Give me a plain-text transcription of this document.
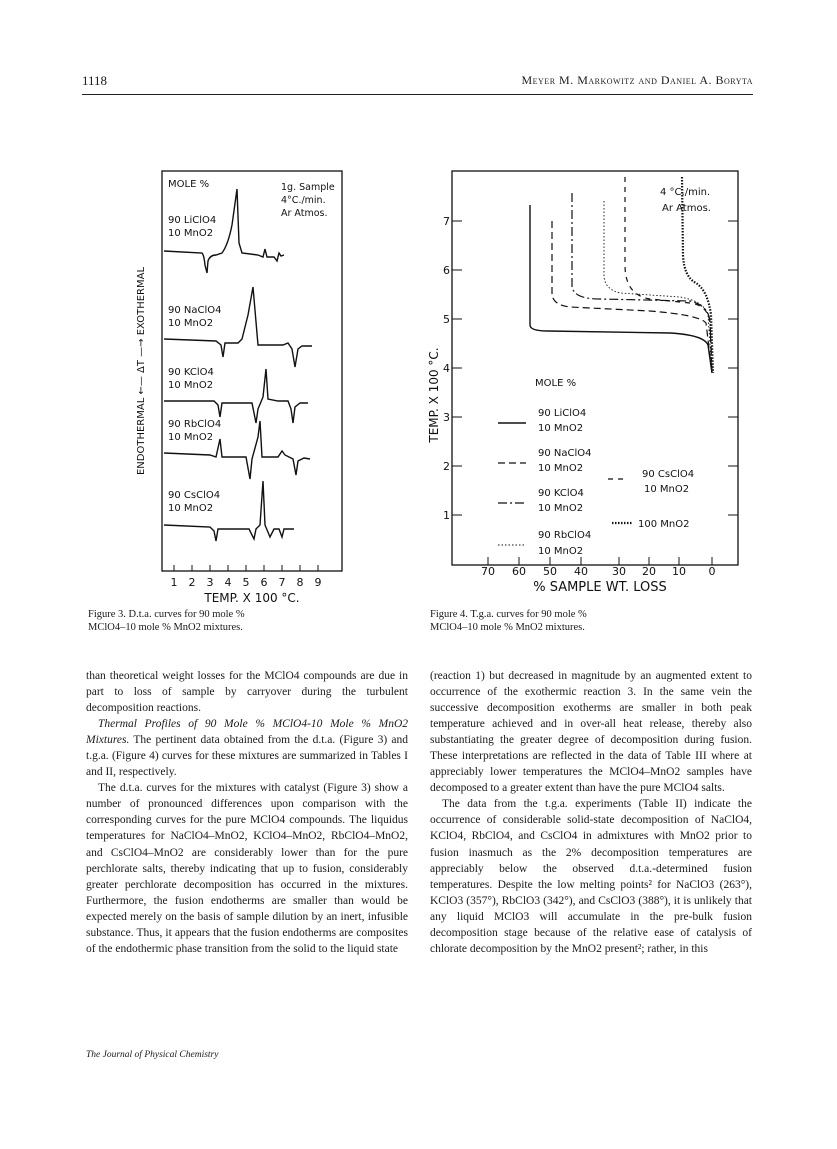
1118	Meyer M. Markowitz and Daniel A. Boryta
ENDOTHERMAL ←— ΔT —→ EXOTHERMAL
MOLE %	1g. Sample
4°C./min.
Ar Atmos.
90 LiClO4
10 MnO2
90 NaClO4
10 MnO2
90 KClO4
10 MnO2
90 RbClO4
10 MnO2
90 CsClO4
10 MnO2
1 2 3 4 5 6 7 8 9
TEMP. X 100 °C.
Figure 3. D.t.a. curves for 90 mole %
MClO4–10 mole % MnO2 mixtures.
1
2
3
4
5
6
7
TEMP. X 100 °C.
4 °C./min.
Ar Atmos.
MOLE %
90 LiClO4
10 MnO2
90 NaClO4
10 MnO2
90 KClO4
10 MnO2
90 RbClO4
10 MnO2
90 CsClO4
10 MnO2
100 MnO2
70 60 50 40 30 20 10 0
% SAMPLE WT. LOSS
Figure 4. T.g.a. curves for 90 mole %
MClO4–10 mole % MnO2 mixtures.

than theoretical weight losses for the MClO4 compounds are due in part to loss of sample by carryover during the turbulent decomposition reactions.

Thermal Profiles of 90 Mole % MClO4-10 Mole % MnO2 Mixtures. The pertinent data obtained from the d.t.a. (Figure 3) and t.g.a. (Figure 4) curves for these mixtures are summarized in Tables I and II, respectively.

The d.t.a. curves for the mixtures with catalyst (Figure 3) show a number of pronounced differences upon comparison with the corresponding curves for the pure MClO4 compounds. The liquidus temperatures for NaClO4–MnO2, KClO4–MnO2, RbClO4–MnO2, and CsClO4–MnO2 are considerably lower than for the pure perchlorate salts, thereby indicating that up to fusion, considerably greater perchlorate decomposition has occurred in the mixtures. Furthermore, the fusion endotherms are smaller than would be expected merely on the basis of sample dilution by an inert, infusible substance. Thus, it appears that the fusion endotherms are composites of the endothermic phase transition from the solid to the liquid state

(reaction 1) but decreased in magnitude by an augmented extent to occurrence of the exothermic reaction 3. In the same vein the successive decomposition exotherms are smaller in both peak temperature achieved and in over-all heat release, thereby also substantiating the greater degree of decomposition during fusion. These interpretations are reflected in the data of Table III where at appreciably lower temperatures the MClO4–MnO2 samples have decomposed to a greater extent than have the pure MClO4 salts.

The data from the t.g.a. experiments (Table II) indicate the occurrence of considerable solid-state decomposition of NaClO4, KClO4, RbClO4, and CsClO4 in admixtures with MnO2 prior to fusion inasmuch as the 2% decomposition temperatures are appreciably below the observed d.t.a.-determined fusion temperatures. Despite the low melting points² for NaClO3 (263°), KClO3 (357°), RbClO3 (342°), and CsClO3 (388°), it is unlikely that any liquid MClO3 will accumulate in the pre-bulk fusion decomposition stage because of the relative ease of catalysis of chlorate decomposition by the MnO2 present²; rather, in this

The Journal of Physical Chemistry
